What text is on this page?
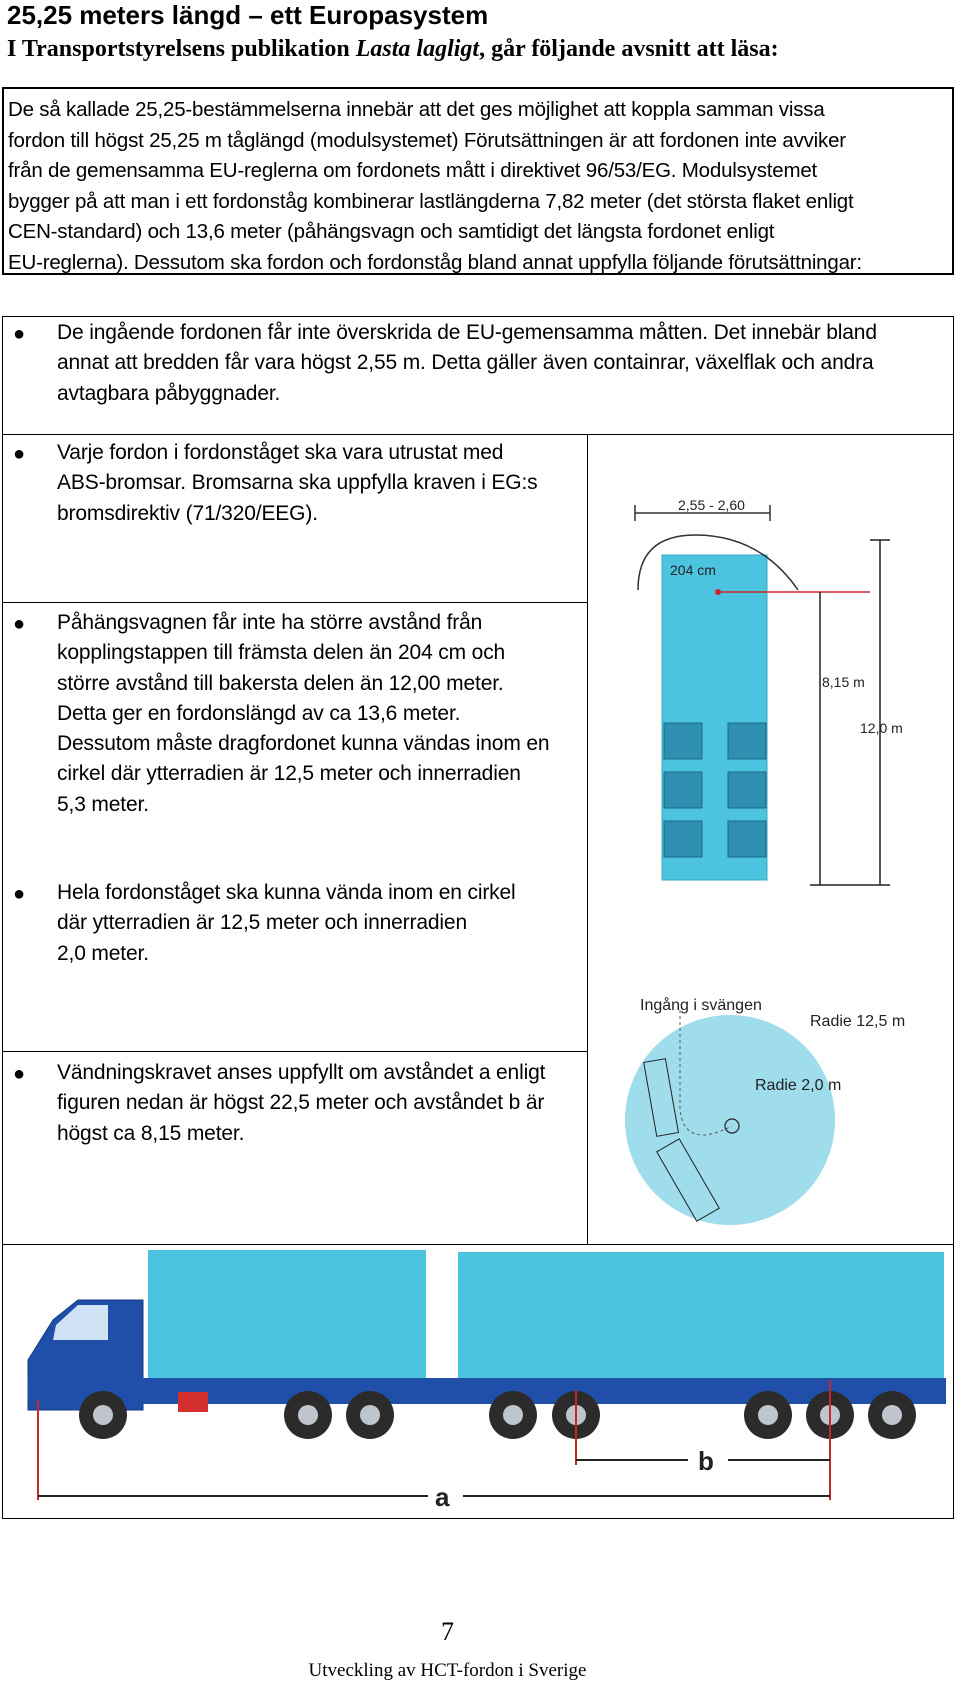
25,25 meters längd – ett Europasystem
I Transportstyrelsens publikation Lasta lagligt, går följande avsnitt att läsa:
De så kallade 25,25-bestämmelserna innebär att det ges möjlighet att koppla samman vissa
fordon till högst 25,25 m tåglängd (modulsystemet) Förutsättningen är att fordonen inte avviker
från de gemensamma EU-reglerna om fordonets mått i direktivet 96/53/EG. Modulsystemet
bygger på att man i ett fordonståg kombinerar lastlängderna 7,82 meter (det största flaket enligt
CEN-standard) och 13,6 meter (påhängsvagn och samtidigt det längsta fordonet enligt
EU-reglerna). Dessutom ska fordon och fordonståg bland annat uppfylla följande förutsättningar:
● De ingående fordonen får inte överskrida de EU-gemensamma måtten. Det innebär bland
annat att bredden får vara högst 2,55 m. Detta gäller även containrar, växelflak och andra
avtagbara påbyggnader.
● Varje fordon i fordonståget ska vara utrustat med
ABS-bromsar. Bromsarna ska uppfylla kraven i EG:s
bromsdirektiv (71/320/EEG).
● Påhängsvagnen får inte ha större avstånd från
kopplingstappen till främsta delen än 204 cm och
större avstånd till bakersta delen än 12,00 meter.
Detta ger en fordonslängd av ca 13,6 meter.
Dessutom måste dragfordonet kunna vändas inom en
cirkel där ytterradien är 12,5 meter och innerradien
5,3 meter.
● Hela fordonståget ska kunna vända inom en cirkel
där ytterradien är 12,5 meter och innerradien
2,0 meter.
● Vändningskravet anses uppfyllt om avståndet a enligt
figuren nedan är högst 22,5 meter och avståndet b är
högst ca 8,15 meter.
2,55 - 2,60
204 cm
8,15 m
12,0 m
Ingång i svängen
Radie 12,5 m
Radie 2,0 m
b
a
7
Utveckling av HCT-fordon i Sverige
